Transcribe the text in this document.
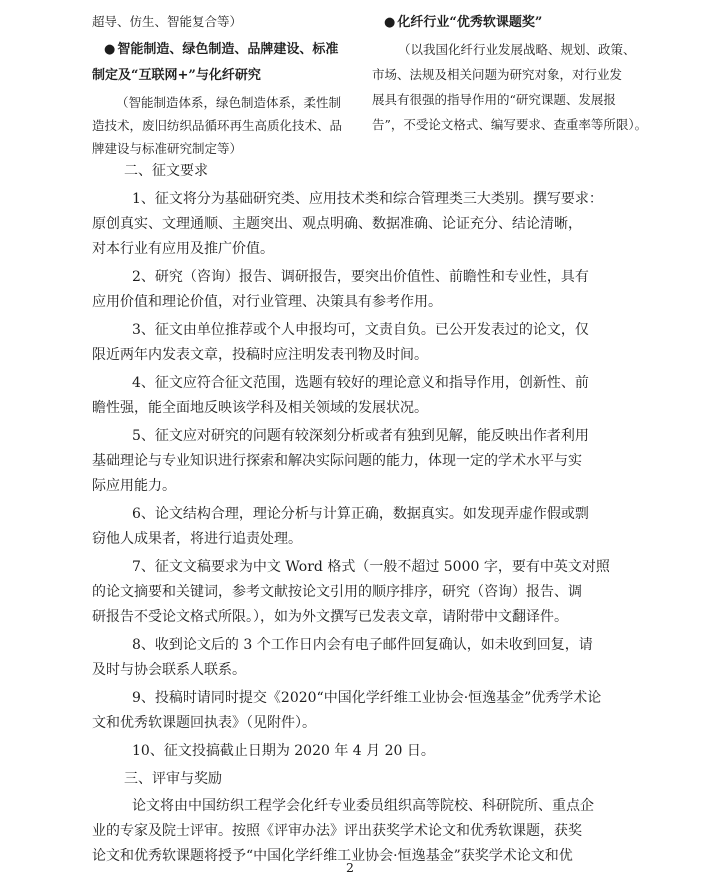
超导、仿生、智能复合等）
● 智能制造、绿色制造、品牌建设、标准
制定及“互联网+”与化纤研究
（智能制造体系，绿色制造体系，柔性制
造技术，废旧纺织品循环再生高质化技术、品
牌建设与标准研究制定等）
● 化纤行业“优秀软课题奖”
（以我国化纤行业发展战略、规划、政策、
市场、法规及相关问题为研究对象，对行业发
展具有很强的指导作用的“研究课题、发展报
告”，不受论文格式、编写要求、查重率等所限）。
二、征文要求
1、征文将分为基础研究类、应用技术类和综合管理类三大类别。撰写要求：
原创真实、文理通顺、主题突出、观点明确、数据准确、论证充分、结论清晰，
对本行业有应用及推广价值。
2、研究（咨询）报告、调研报告，要突出价值性、前瞻性和专业性，具有
应用价值和理论价值，对行业管理、决策具有参考作用。
3、征文由单位推荐或个人申报均可，文责自负。已公开发表过的论文，仅
限近两年内发表文章，投稿时应注明发表刊物及时间。
4、征文应符合征文范围，选题有较好的理论意义和指导作用，创新性、前
瞻性强，能全面地反映该学科及相关领域的发展状况。
5、征文应对研究的问题有较深刻分析或者有独到见解，能反映出作者利用
基础理论与专业知识进行探索和解决实际问题的能力，体现一定的学术水平与实
际应用能力。
6、论文结构合理，理论分析与计算正确，数据真实。如发现弄虚作假或剽
窃他人成果者，将进行追责处理。
7、征文文稿要求为中文 Word 格式（一般不超过 5000 字，要有中英文对照
的论文摘要和关键词，参考文献按论文引用的顺序排序，研究（咨询）报告、调
研报告不受论文格式所限。），如为外文撰写已发表文章，请附带中文翻译件。
8、收到论文后的 3 个工作日内会有电子邮件回复确认，如未收到回复，请
及时与协会联系人联系。
9、投稿时请同时提交《2020“中国化学纤维工业协会·恒逸基金”优秀学术论
文和优秀软课题回执表》（见附件）。
10、征文投搞截止日期为 2020 年 4 月 20 日。
三、评审与奖励
论文将由中国纺织工程学会化纤专业委员组织高等院校、科研院所、重点企
业的专家及院士评审。按照《评审办法》评出获奖学术论文和优秀软课题，获奖
论文和优秀软课题将授予“中国化学纤维工业协会·恒逸基金”获奖学术论文和优
2
